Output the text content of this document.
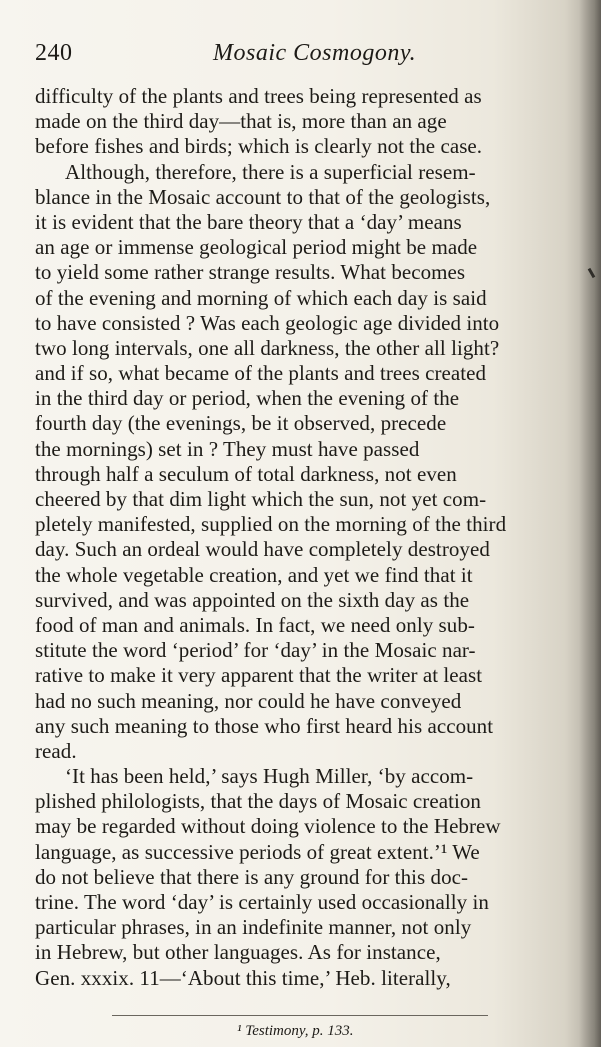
240	Mosaic Cosmogony.
difficulty of the plants and trees being represented as
made on the third day—that is, more than an age
before fishes and birds; which is clearly not the case.
Although, therefore, there is a superficial resem-
blance in the Mosaic account to that of the geologists,
it is evident that the bare theory that a ‘day’ means
an age or immense geological period might be made
to yield some rather strange results. What becomes
of the evening and morning of which each day is said
to have consisted ? Was each geologic age divided into
two long intervals, one all darkness, the other all light?
and if so, what became of the plants and trees created
in the third day or period, when the evening of the
fourth day (the evenings, be it observed, precede
the mornings) set in ? They must have passed
through half a seculum of total darkness, not even
cheered by that dim light which the sun, not yet com-
pletely manifested, supplied on the morning of the third
day. Such an ordeal would have completely destroyed
the whole vegetable creation, and yet we find that it
survived, and was appointed on the sixth day as the
food of man and animals. In fact, we need only sub-
stitute the word ‘period’ for ‘day’ in the Mosaic nar-
rative to make it very apparent that the writer at least
had no such meaning, nor could he have conveyed
any such meaning to those who first heard his account
read.
‘It has been held,’ says Hugh Miller, ‘by accom-
plished philologists, that the days of Mosaic creation
may be regarded without doing violence to the Hebrew
language, as successive periods of great extent.’¹ We
do not believe that there is any ground for this doc-
trine. The word ‘day’ is certainly used occasionally in
particular phrases, in an indefinite manner, not only
in Hebrew, but other languages. As for instance,
Gen. xxxix. 11—‘About this time,’ Heb. literally,
¹ Testimony, p. 133.
